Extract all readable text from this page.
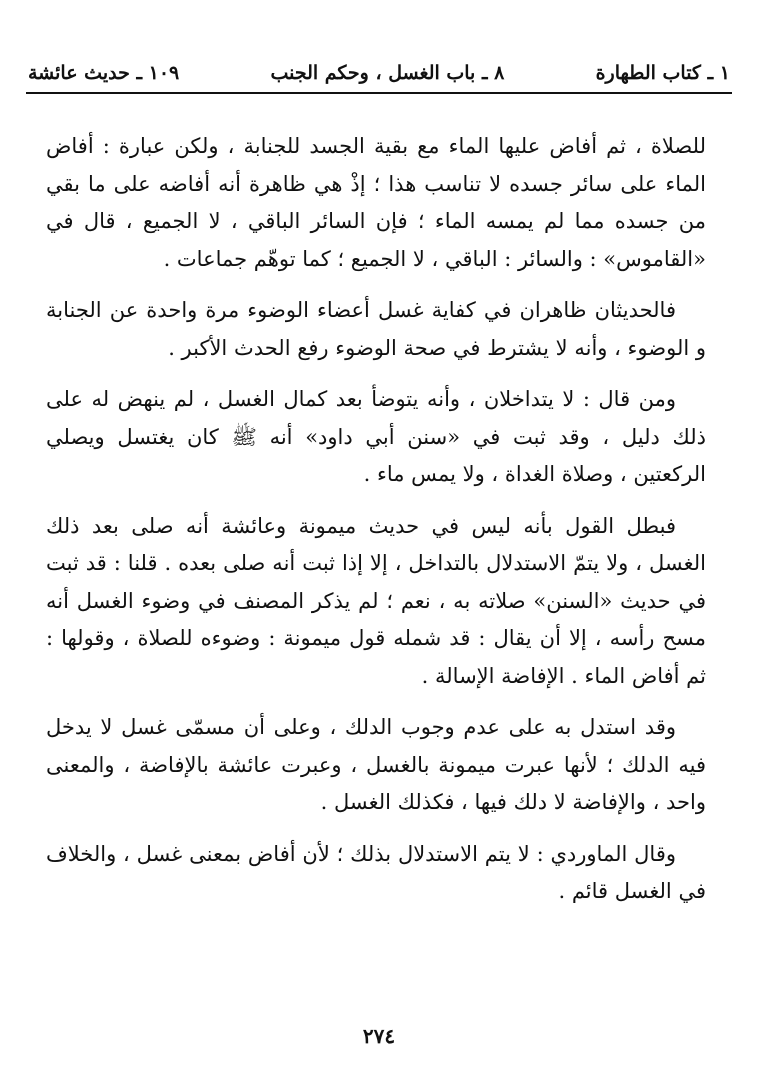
١ ـ كتاب الطهارة
٨ ـ باب الغسل ، وحكم الجنب
١٠٩ ـ حديث عائشة

للصلاة ، ثم أفاض عليها الماء مع بقية الجسد للجنابة ، ولكن عبارة : أفاض الماء على سائر جسده لا تناسب هذا ؛ إذْ هي ظاهرة أنه أفاضه على ما بقي من جسده مما لم يمسه الماء ؛ فإن السائر الباقي ، لا الجميع ، قال في «القاموس» : والسائر : الباقي ، لا الجميع ؛ كما توهّم جماعات .

فالحديثان ظاهران في كفاية غسل أعضاء الوضوء مرة واحدة عن الجنابة و الوضوء ، وأنه لا يشترط في صحة الوضوء رفع الحدث الأكبر .

ومن قال : لا يتداخلان ، وأنه يتوضأ بعد كمال الغسل ، لم ينهض له على ذلك دليل ، وقد ثبت في «سنن أبي داود» أنه ﷺ كان يغتسل ويصلي الركعتين ، وصلاة الغداة ، ولا يمس ماء .

فبطل القول بأنه ليس في حديث ميمونة وعائشة أنه صلى بعد ذلك الغسل ، ولا يتمّ الاستدلال بالتداخل ، إلا إذا ثبت أنه صلى بعده . قلنا : قد ثبت في حديث «السنن» صلاته به ، نعم ؛ لم يذكر المصنف في وضوء الغسل أنه مسح رأسه ، إلا أن يقال : قد شمله قول ميمونة : وضوءه للصلاة ، وقولها : ثم أفاض الماء . الإفاضة الإسالة .

وقد استدل به على عدم وجوب الدلك ، وعلى أن مسمّى غسل لا يدخل فيه الدلك ؛ لأنها عبرت ميمونة بالغسل ، وعبرت عائشة بالإفاضة ، والمعنى واحد ، والإفاضة لا دلك فيها ، فكذلك الغسل .

وقال الماوردي : لا يتم الاستدلال بذلك ؛ لأن أفاض بمعنى غسل ، والخلاف في الغسل قائم .

٢٧٤
